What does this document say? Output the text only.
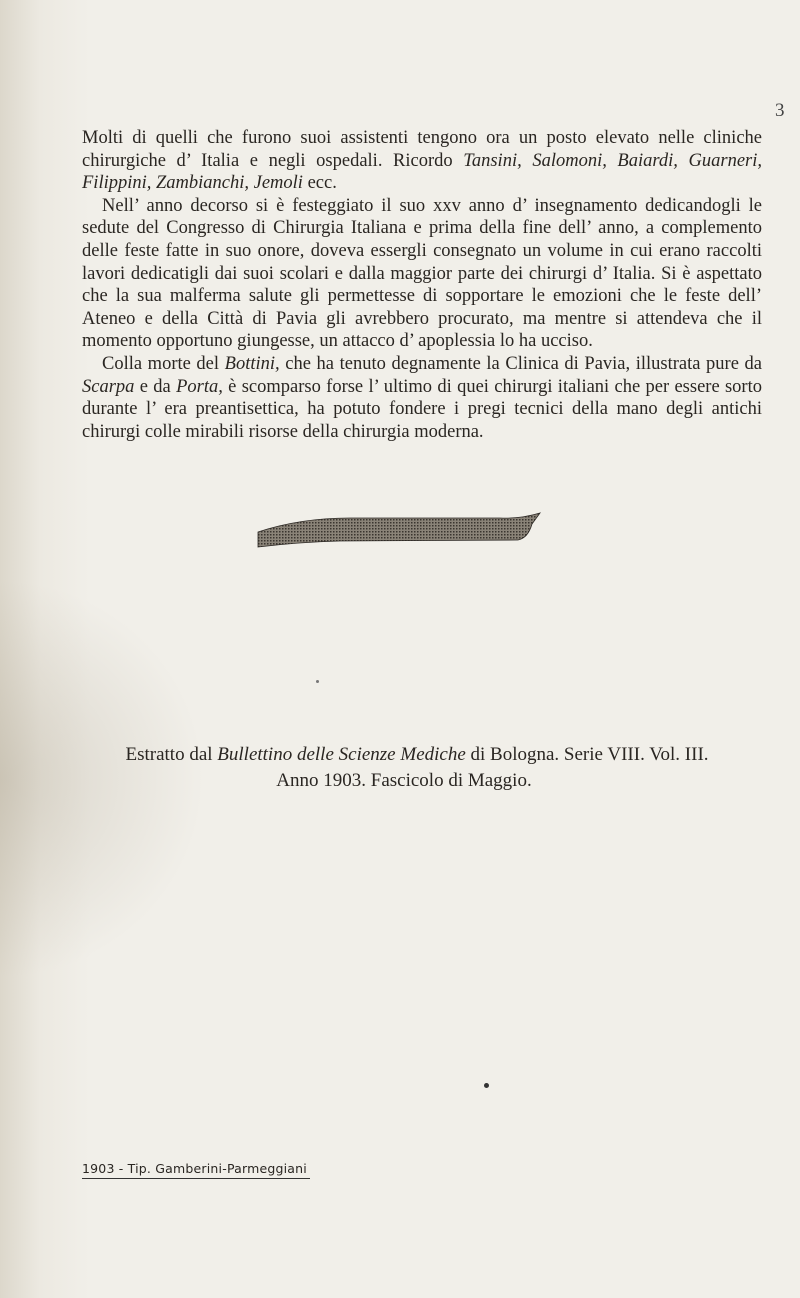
3

Molti di quelli che furono suoi assistenti tengono ora un posto elevato nelle cliniche chirurgiche d’ Italia e negli ospedali. Ricordo Tansini, Salomoni, Baiardi, Guarneri, Filippini, Zambianchi, Jemoli ecc.

Nell’ anno decorso si è festeggiato il suo xxv anno d’ insegnamento dedicandogli le sedute del Congresso di Chirurgia Italiana e prima della fine dell’ anno, a complemento delle feste fatte in suo onore, doveva essergli consegnato un volume in cui erano raccolti lavori dedicatigli dai suoi scolari e dalla maggior parte dei chirurgi d’ Italia. Si è aspettato che la sua malferma salute gli permettesse di sopportare le emozioni che le feste dell’ Ateneo e della Città di Pavia gli avrebbero procurato, ma mentre si attendeva che il momento opportuno giungesse, un attacco d’ apoplessia lo ha ucciso.

Colla morte del Bottini, che ha tenuto degnamente la Clinica di Pavia, illustrata pure da Scarpa e da Porta, è scomparso forse l’ ultimo di quei chirurgi italiani che per essere sorto durante l’ era preantisettica, ha potuto fondere i pregi tecnici della mano degli antichi chirurgi colle mirabili risorse della chirurgia moderna.

Estratto dal Bullettino delle Scienze Mediche di Bologna. Serie VIII. Vol. III.
Anno 1903. Fascicolo di Maggio.
1903 - Tip. Gamberini-Parmeggiani
